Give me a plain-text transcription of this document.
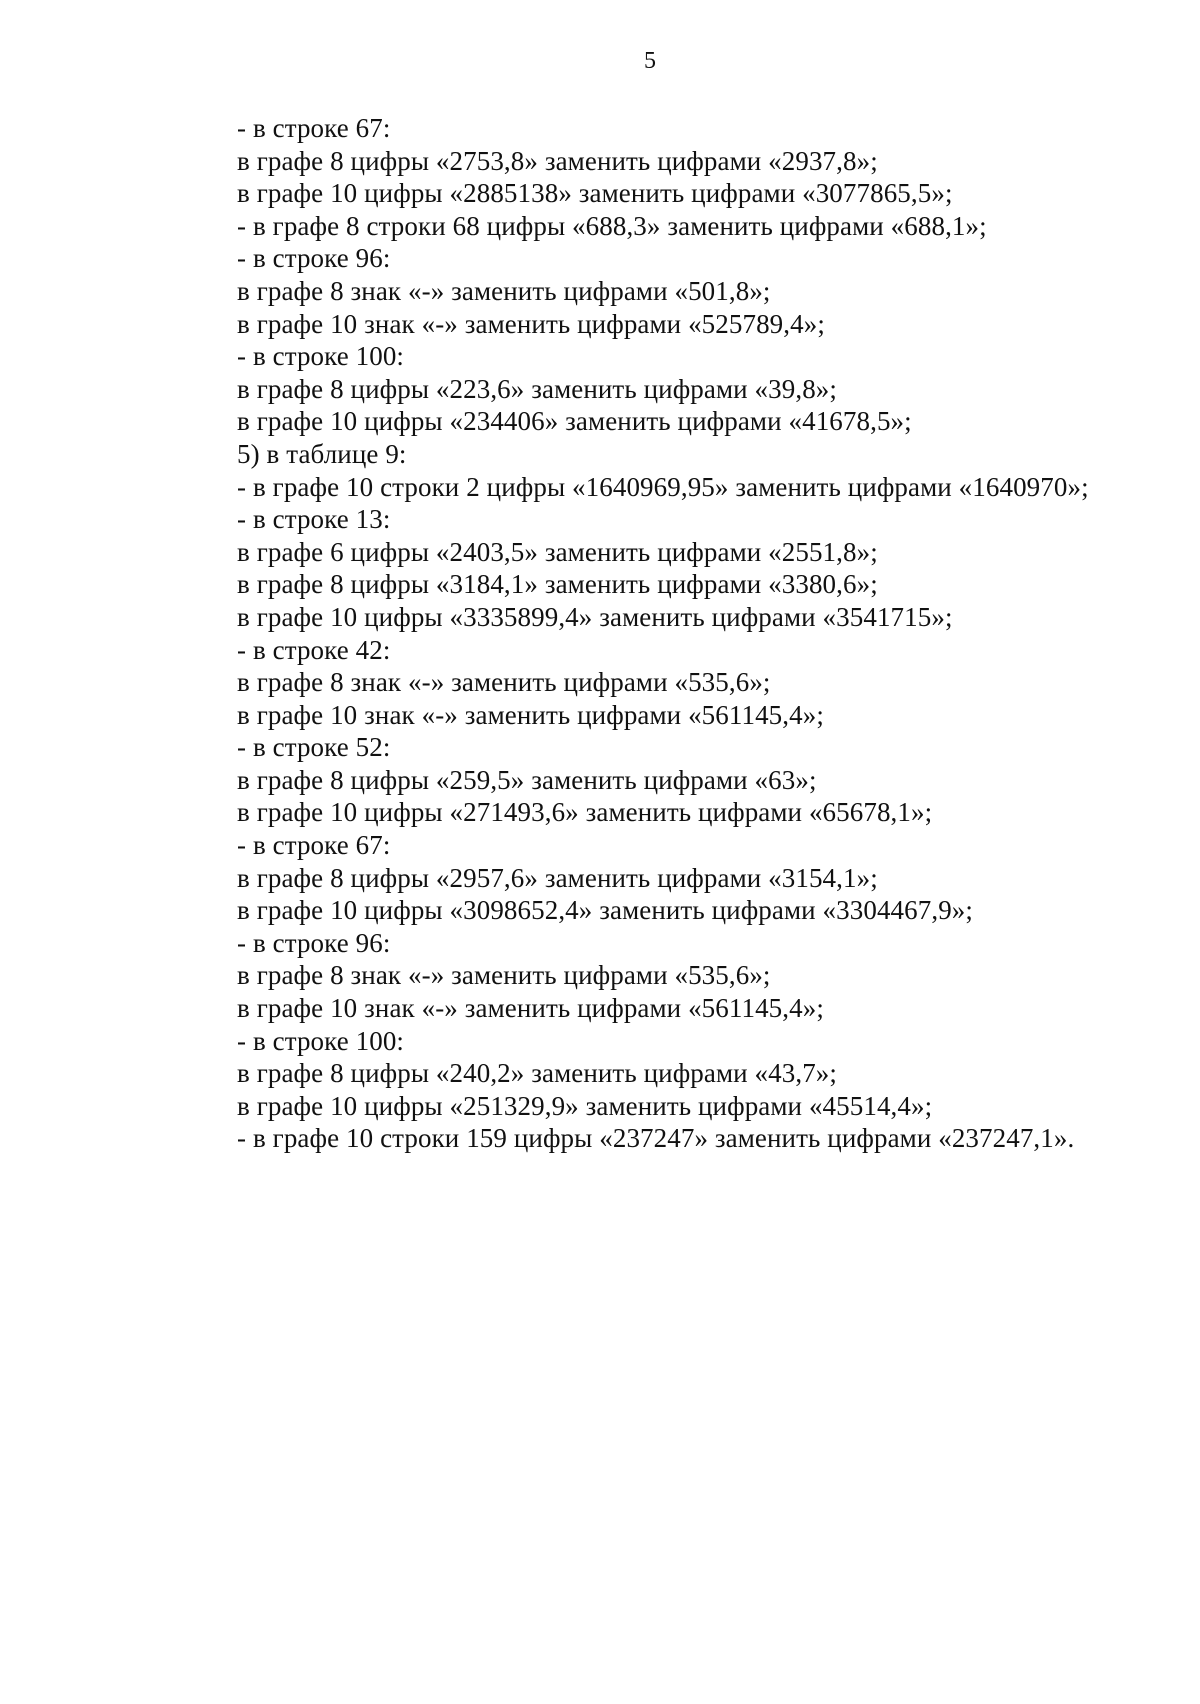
5
- в строке 67:
в графе 8 цифры «2753,8» заменить цифрами «2937,8»;
в графе 10 цифры «2885138» заменить цифрами «3077865,5»;
- в графе 8 строки 68 цифры «688,3» заменить цифрами «688,1»;
- в строке 96:
в графе 8 знак «-» заменить цифрами «501,8»;
в графе 10 знак «-» заменить цифрами «525789,4»;
- в строке 100:
в графе 8 цифры «223,6» заменить цифрами «39,8»;
в графе 10 цифры «234406» заменить цифрами «41678,5»;
5) в таблице 9:
- в графе 10 строки 2 цифры «1640969,95» заменить цифрами «1640970»;
- в строке 13:
в графе 6 цифры «2403,5» заменить цифрами «2551,8»;
в графе 8 цифры «3184,1» заменить цифрами «3380,6»;
в графе 10 цифры «3335899,4» заменить цифрами «3541715»;
- в строке 42:
в графе 8 знак «-» заменить цифрами «535,6»;
в графе 10 знак «-» заменить цифрами «561145,4»;
- в строке 52:
в графе 8 цифры «259,5» заменить цифрами «63»;
в графе 10 цифры «271493,6» заменить цифрами «65678,1»;
- в строке 67:
в графе 8 цифры «2957,6» заменить цифрами «3154,1»;
в графе 10 цифры «3098652,4» заменить цифрами «3304467,9»;
- в строке 96:
в графе 8 знак «-» заменить цифрами «535,6»;
в графе 10 знак «-» заменить цифрами «561145,4»;
- в строке 100:
в графе 8 цифры «240,2» заменить цифрами «43,7»;
в графе 10 цифры «251329,9» заменить цифрами «45514,4»;
- в графе 10 строки 159 цифры «237247» заменить цифрами «237247,1».
